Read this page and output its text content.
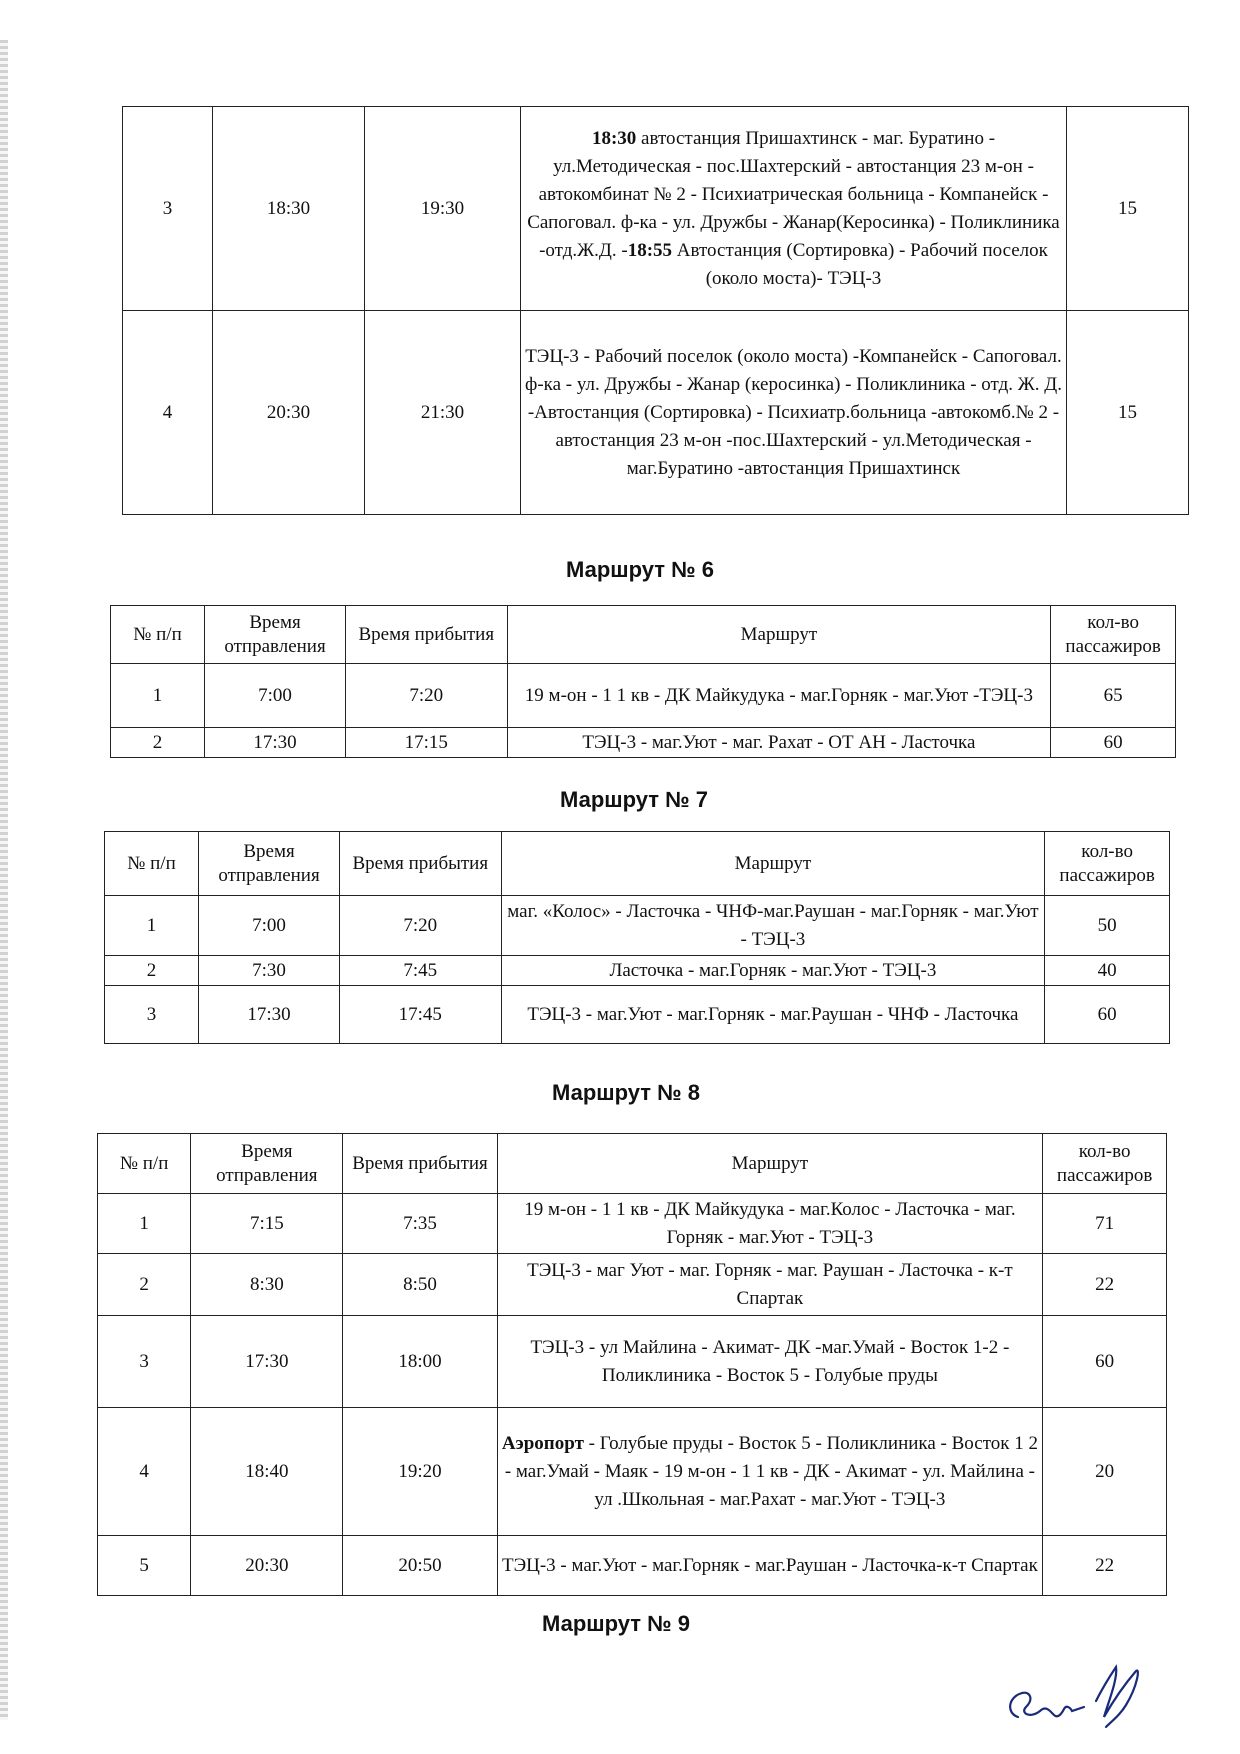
3	18:30	19:30	18:30 автостанция Пришахтинск - маг. Буратино - ул.Методическая - пос.Шахтерский - автостанция 23 м-он - автокомбинат № 2 - Психиатрическая больница - Компанейск - Сапоговал. ф-ка - ул. Дружбы - Жанар(Керосинка) - Поликлиника -отд.Ж.Д. -18:55 Автостанция (Сортировка) - Рабочий поселок (около моста)- ТЭЦ-3	15
4	20:30	21:30	ТЭЦ-3 - Рабочий поселок (около моста) -Компанейск - Сапоговал. ф-ка - ул. Дружбы - Жанар (керосинка) - Поликлиника - отд. Ж. Д. -Автостанция (Сортировка) - Психиатр.больница -автокомб.№ 2 - автостанция 23 м-он -пос.Шахтерский - ул.Методическая - маг.Буратино -автостанция Пришахтинск	15
Маршрут № 6
№ п/п	Время отправления	Время прибытия	Маршрут	кол-во пассажиров
1	7:00	7:20	19 м-он - 1 1 кв - ДК Майкудука - маг.Горняк - маг.Уют -ТЭЦ-3	65
2	17:30	17:15	ТЭЦ-3 - маг.Уют - маг. Рахат - ОТ АН - Ласточка	60
Маршрут № 7
№ п/п	Время отправления	Время прибытия	Маршрут	кол-во пассажиров
1	7:00	7:20	маг. «Колос» - Ласточка - ЧНФ-маг.Раушан - маг.Горняк - маг.Уют - ТЭЦ-3	50
2	7:30	7:45	Ласточка - маг.Горняк - маг.Уют - ТЭЦ-3	40
3	17:30	17:45	ТЭЦ-3 - маг.Уют - маг.Горняк - маг.Раушан - ЧНФ - Ласточка	60
Маршрут № 8
№ п/п	Время отправления	Время прибытия	Маршрут	кол-во пассажиров
1	7:15	7:35	19 м-он - 1 1 кв - ДК Майкудука - маг.Колос - Ласточка - маг. Горняк - маг.Уют - ТЭЦ-3	71
2	8:30	8:50	ТЭЦ-3 - маг Уют - маг. Горняк - маг. Раушан - Ласточка - к-т Спартак	22
3	17:30	18:00	ТЭЦ-3 - ул Майлина - Акимат- ДК -маг.Умай - Восток 1-2 - Поликлиника - Восток 5 - Голубые пруды	60
4	18:40	19:20	Аэропорт - Голубые пруды - Восток 5 - Поликлиника - Восток 1 2 - маг.Умай - Маяк - 19 м-он - 1 1 кв - ДК - Акимат - ул. Майлина - ул .Школьная - маг.Рахат - маг.Уют - ТЭЦ-3	20
5	20:30	20:50	ТЭЦ-3 - маг.Уют - маг.Горняк - маг.Раушан - Ласточка-к-т Спартак	22
Маршрут № 9
